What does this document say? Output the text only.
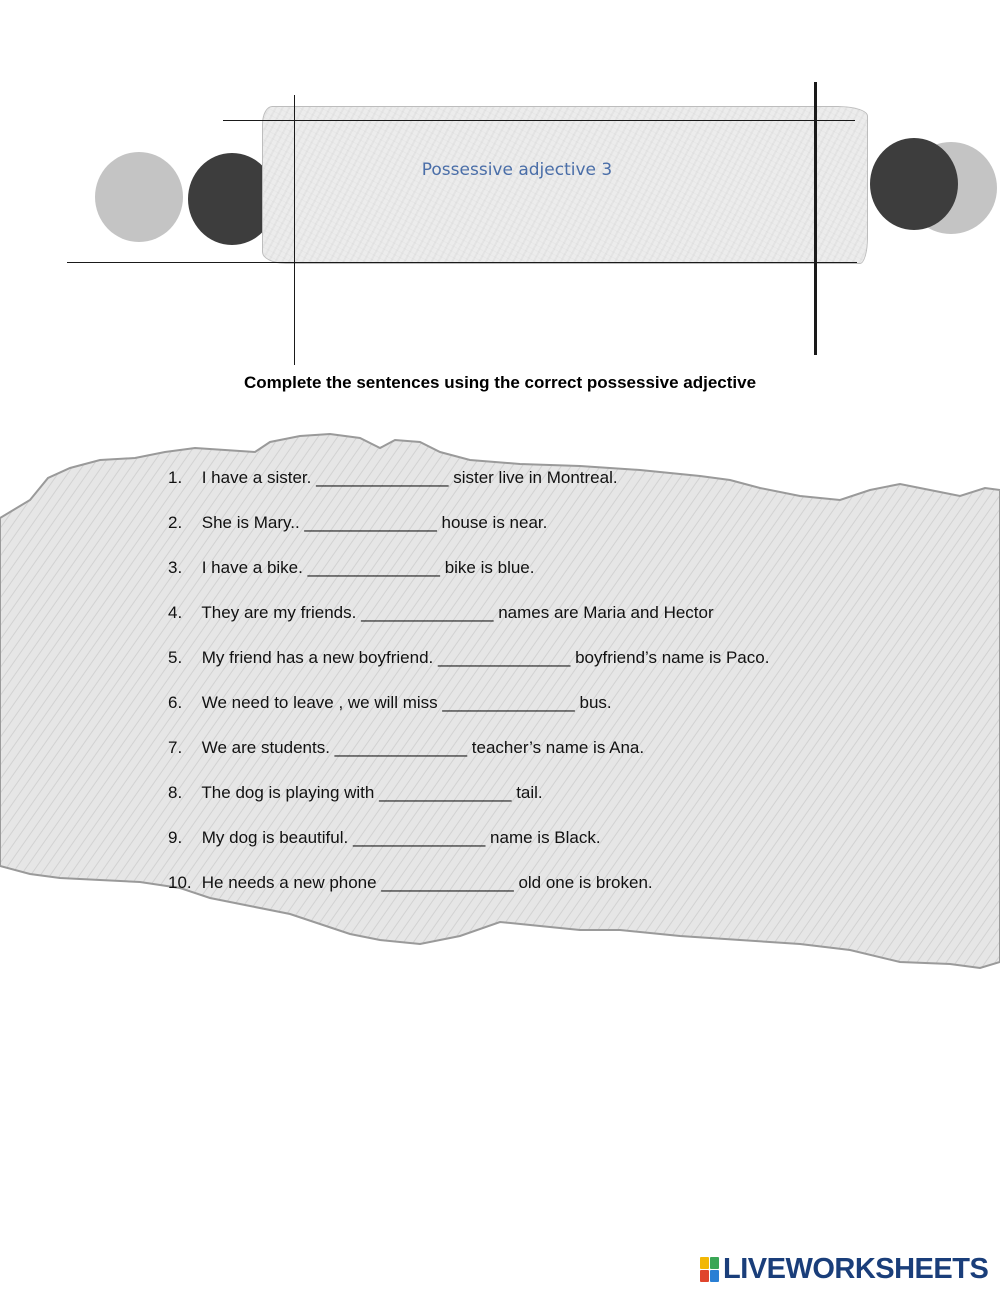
Possessive adjective 3
Complete the sentences using the correct possessive adjective
1. I have a sister. ______________ sister live in Montreal.
2. She is Mary.. ______________ house is near.
3. I have a bike. ______________ bike is blue.
4. They are my friends. ______________ names are Maria and Hector
5. My friend has a new boyfriend. ______________ boyfriend’s name is Paco.
6. We need to leave , we will miss ______________ bus.
7. We are students. ______________ teacher’s name is Ana.
8. The dog is playing with ______________ tail.
9. My dog is beautiful. ______________ name is Black.
10. He needs a new phone ______________ old one is broken.
LIVEWORKSHEETS
